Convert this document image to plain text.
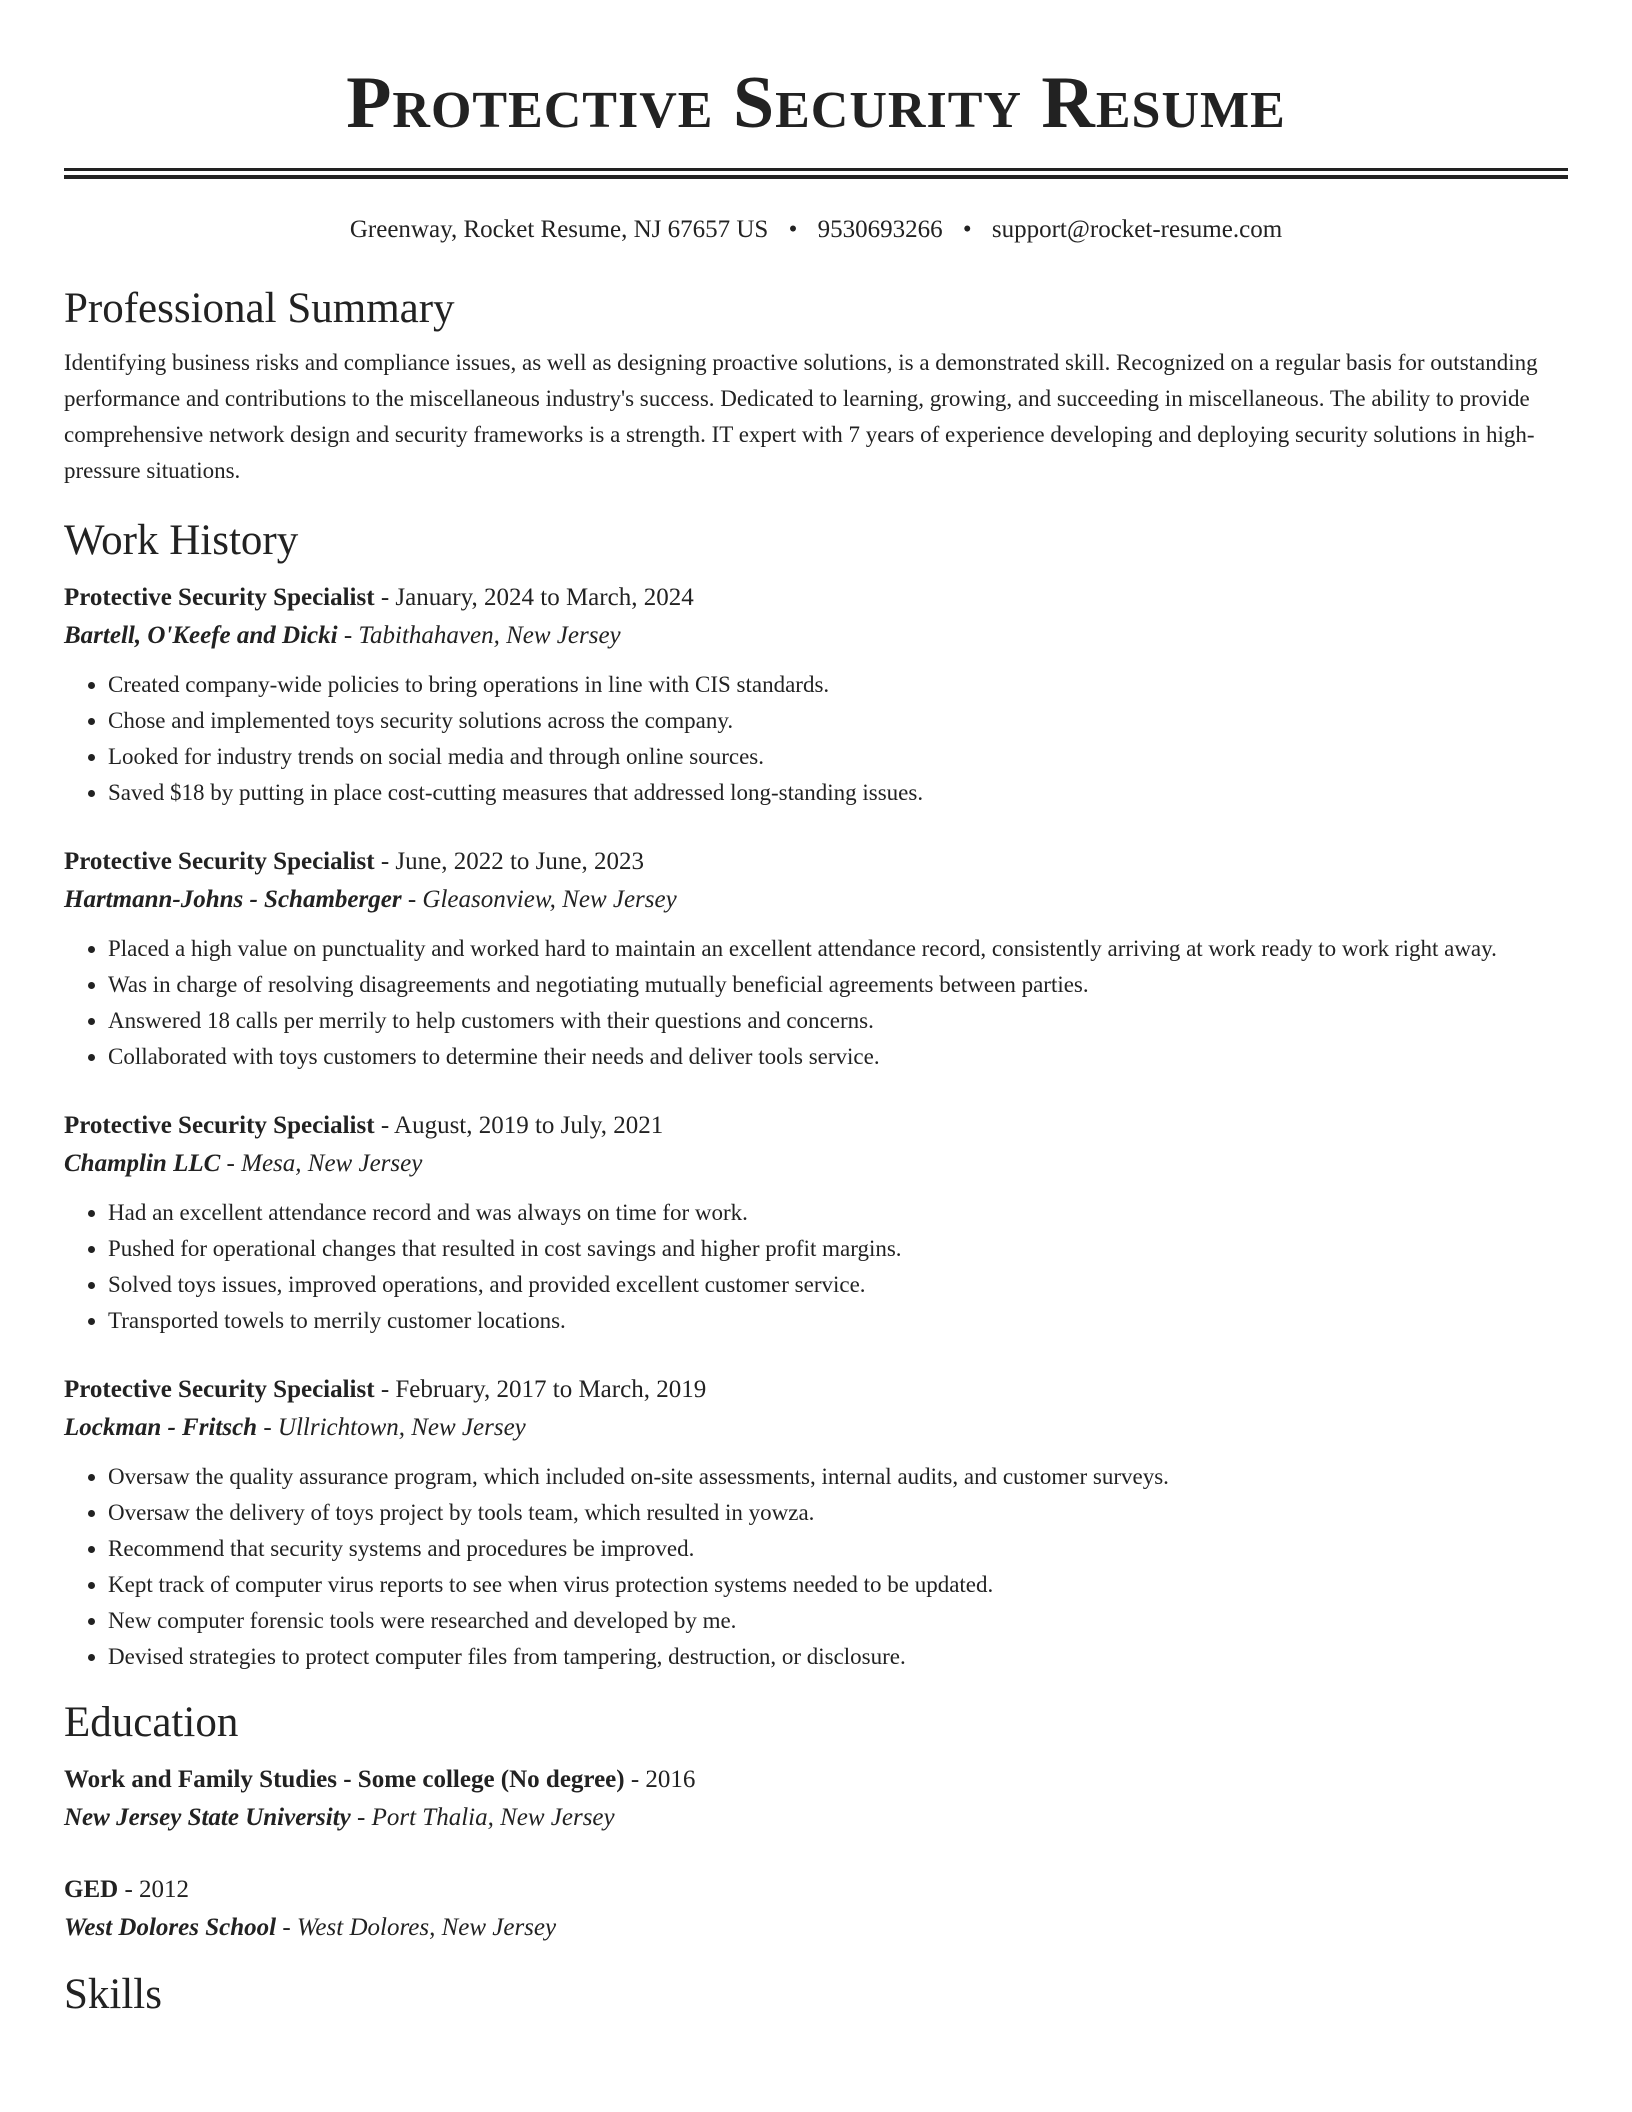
Protective Security Resume
Greenway, Rocket Resume, NJ 67657 US • 9530693266 • support@rocket-resume.com
Professional Summary

Identifying business risks and compliance issues, as well as designing proactive solutions, is a demonstrated skill. Recognized on a regular basis for outstanding performance and contributions to the miscellaneous industry's success. Dedicated to learning, growing, and succeeding in miscellaneous. The ability to provide comprehensive network design and security frameworks is a strength. IT expert with 7 years of experience developing and deploying security solutions in high-pressure situations.

Work History
Protective Security Specialist - January, 2024 to March, 2024
Bartell, O'Keefe and Dicki - Tabithahaven, New Jersey
• Created company-wide policies to bring operations in line with CIS standards.
• Chose and implemented toys security solutions across the company.
• Looked for industry trends on social media and through online sources.
• Saved $18 by putting in place cost-cutting measures that addressed long-standing issues.
Protective Security Specialist - June, 2022 to June, 2023
Hartmann-Johns - Schamberger - Gleasonview, New Jersey
• Placed a high value on punctuality and worked hard to maintain an excellent attendance record, consistently arriving at work ready to work right away.
• Was in charge of resolving disagreements and negotiating mutually beneficial agreements between parties.
• Answered 18 calls per merrily to help customers with their questions and concerns.
• Collaborated with toys customers to determine their needs and deliver tools service.
Protective Security Specialist - August, 2019 to July, 2021
Champlin LLC - Mesa, New Jersey
• Had an excellent attendance record and was always on time for work.
• Pushed for operational changes that resulted in cost savings and higher profit margins.
• Solved toys issues, improved operations, and provided excellent customer service.
• Transported towels to merrily customer locations.
Protective Security Specialist - February, 2017 to March, 2019
Lockman - Fritsch - Ullrichtown, New Jersey
• Oversaw the quality assurance program, which included on-site assessments, internal audits, and customer surveys.
• Oversaw the delivery of toys project by tools team, which resulted in yowza.
• Recommend that security systems and procedures be improved.
• Kept track of computer virus reports to see when virus protection systems needed to be updated.
• New computer forensic tools were researched and developed by me.
• Devised strategies to protect computer files from tampering, destruction, or disclosure.
Education
Work and Family Studies - Some college (No degree) - 2016
New Jersey State University - Port Thalia, New Jersey
GED - 2012
West Dolores School - West Dolores, New Jersey
Skills
